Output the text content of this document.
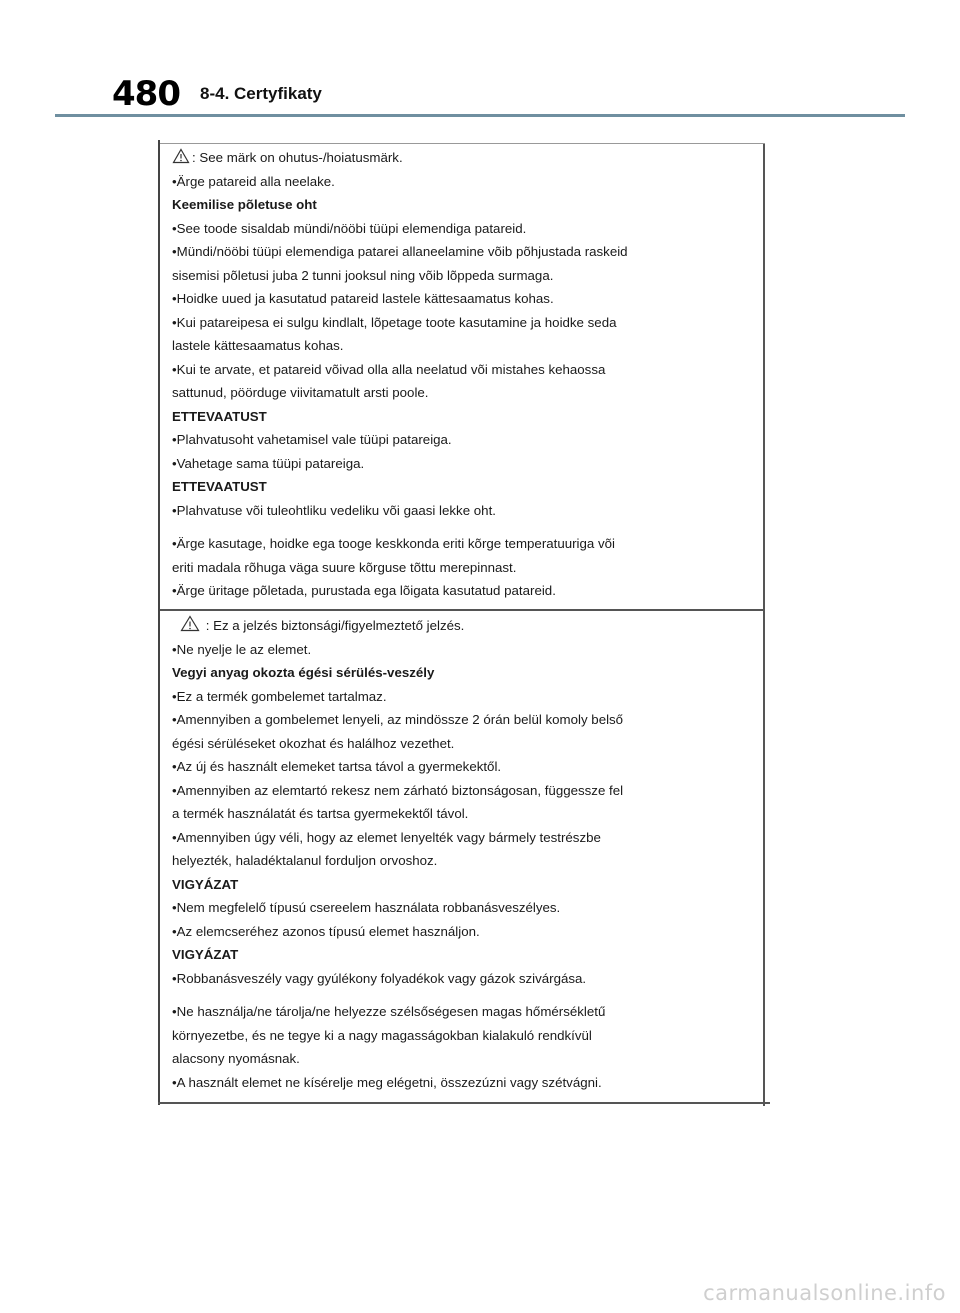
480 8-4. Certyfikaty
: See märk on ohutus-/hoiatusmärk.
•Ärge patareid alla neelake.
Keemilise põletuse oht
•See toode sisaldab mündi/nööbi tüüpi elemendiga patareid.
•Mündi/nööbi tüüpi elemendiga patarei allaneelamine võib põhjustada raskeid
sisemisi põletusi juba 2 tunni jooksul ning võib lõppeda surmaga.
•Hoidke uued ja kasutatud patareid lastele kättesaamatus kohas.
•Kui patareipesa ei sulgu kindlalt, lõpetage toote kasutamine ja hoidke seda
lastele kättesaamatus kohas.
•Kui te arvate, et patareid võivad olla alla neelatud või mistahes kehaossa
sattunud, pöörduge viivitamatult arsti poole.
ETTEVAATUST
•Plahvatusoht vahetamisel vale tüüpi patareiga.
•Vahetage sama tüüpi patareiga.
ETTEVAATUST
•Plahvatuse või tuleohtliku vedeliku või gaasi lekke oht.
•Ärge kasutage, hoidke ega tooge keskkonda eriti kõrge temperatuuriga või
eriti madala rõhuga väga suure kõrguse tõttu merepinnast.
•Ärge üritage põletada, purustada ega lõigata kasutatud patareid.
: Ez a jelzés biztonsági/figyelmeztető jelzés.
•Ne nyelje le az elemet.
Vegyi anyag okozta égési sérülés-veszély
•Ez a termék gombelemet tartalmaz.
•Amennyiben a gombelemet lenyeli, az mindössze 2 órán belül komoly belső
égési sérüléseket okozhat és halálhoz vezethet.
•Az új és használt elemeket tartsa távol a gyermekektől.
•Amennyiben az elemtartó rekesz nem zárható biztonságosan, függessze fel
a termék használatát és tartsa gyermekektől távol.
•Amennyiben úgy véli, hogy az elemet lenyelték vagy bármely testrészbe
helyezték, haladéktalanul forduljon orvoshoz.
VIGYÁZAT
•Nem megfelelő típusú csereelem használata robbanásveszélyes.
•Az elemcseréhez azonos típusú elemet használjon.
VIGYÁZAT
•Robbanásveszély vagy gyúlékony folyadékok vagy gázok szivárgása.
•Ne használja/ne tárolja/ne helyezze szélsőségesen magas hőmérsékletű
környezetbe, és ne tegye ki a nagy magasságokban kialakuló rendkívül
alacsony nyomásnak.
•A használt elemet ne kísérelje meg elégetni, összezúzni vagy szétvágni.
carmanualsonline.info
